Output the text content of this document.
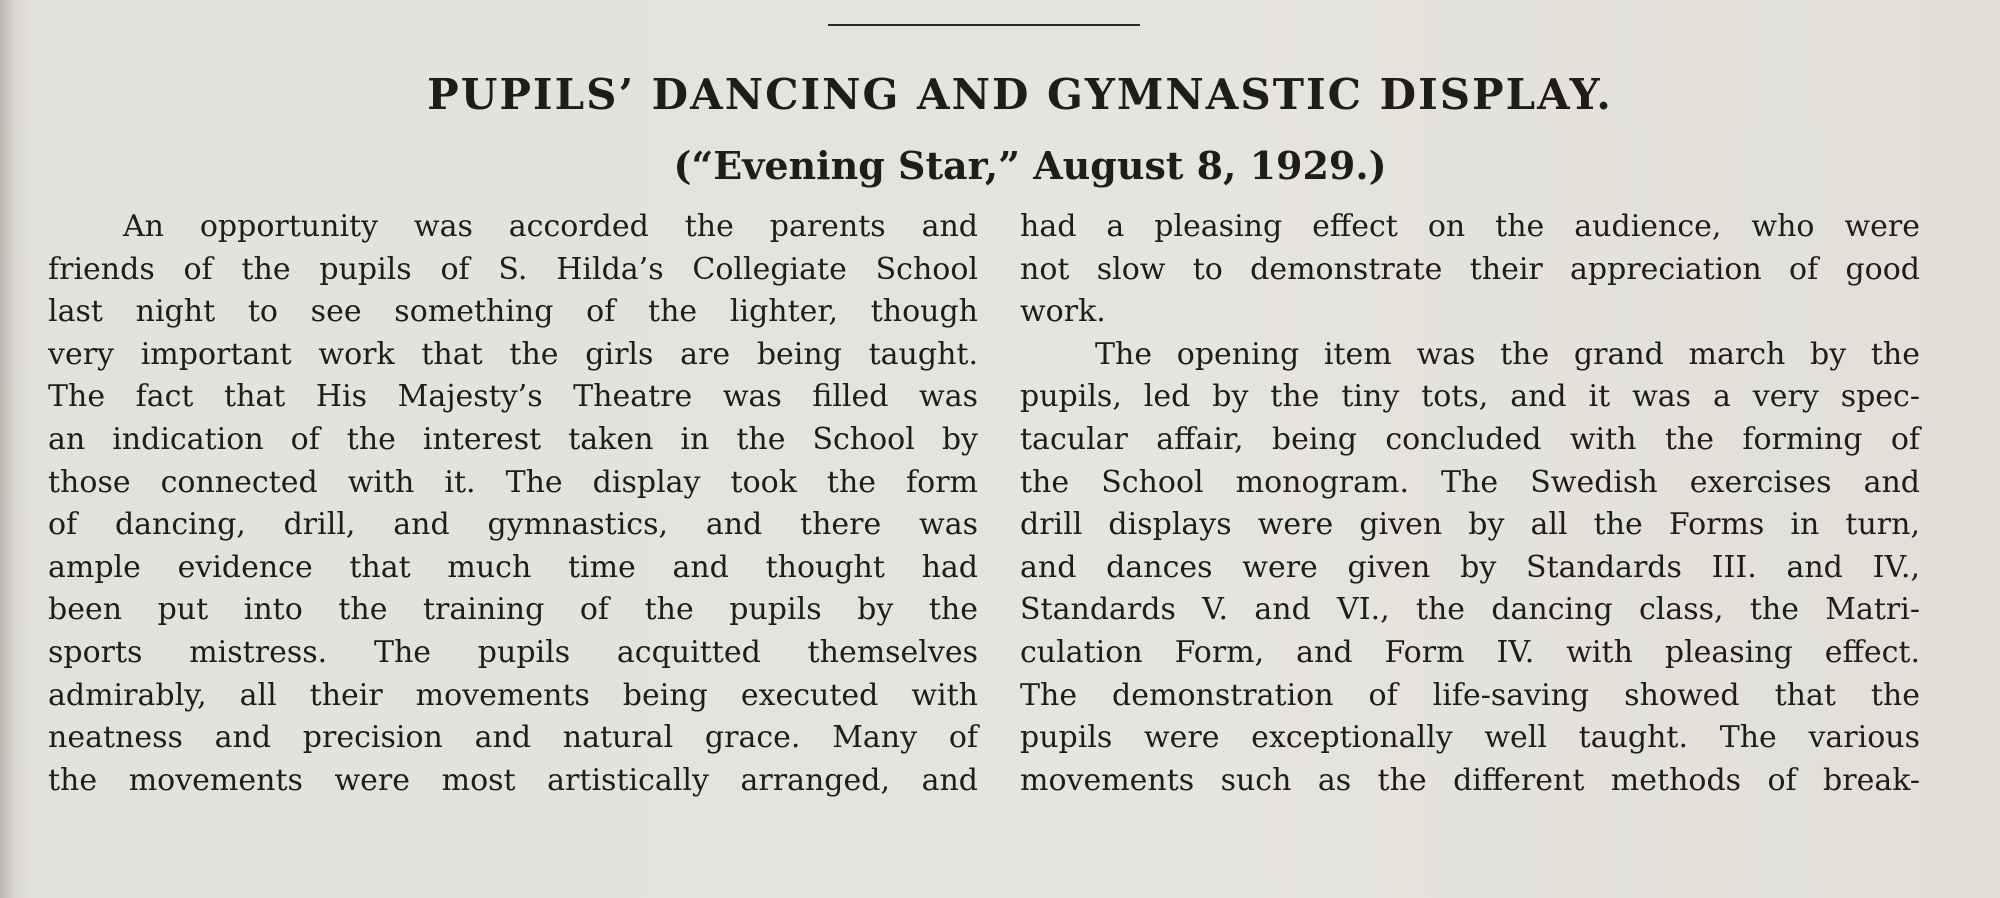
PUPILS’ DANCING AND GYMNASTIC DISPLAY.
(“Evening Star,” August 8, 1929.)
An opportunity was accorded the parents and
friends of the pupils of S. Hilda’s Collegiate School
last night to see something of the lighter, though
very important work that the girls are being taught.
The fact that His Majesty’s Theatre was filled was
an indication of the interest taken in the School by
those connected with it. The display took the form
of dancing, drill, and gymnastics, and there was
ample evidence that much time and thought had
been put into the training of the pupils by the
sports mistress. The pupils acquitted themselves
admirably, all their movements being executed with
neatness and precision and natural grace. Many of
the movements were most artistically arranged, and
had a pleasing effect on the audience, who were
not slow to demonstrate their appreciation of good
work.
The opening item was the grand march by the
pupils, led by the tiny tots, and it was a very spec-
tacular affair, being concluded with the forming of
the School monogram. The Swedish exercises and
drill displays were given by all the Forms in turn,
and dances were given by Standards III. and IV.,
Standards V. and VI., the dancing class, the Matri-
culation Form, and Form IV. with pleasing effect.
The demonstration of life-saving showed that the
pupils were exceptionally well taught. The various
movements such as the different methods of break-
